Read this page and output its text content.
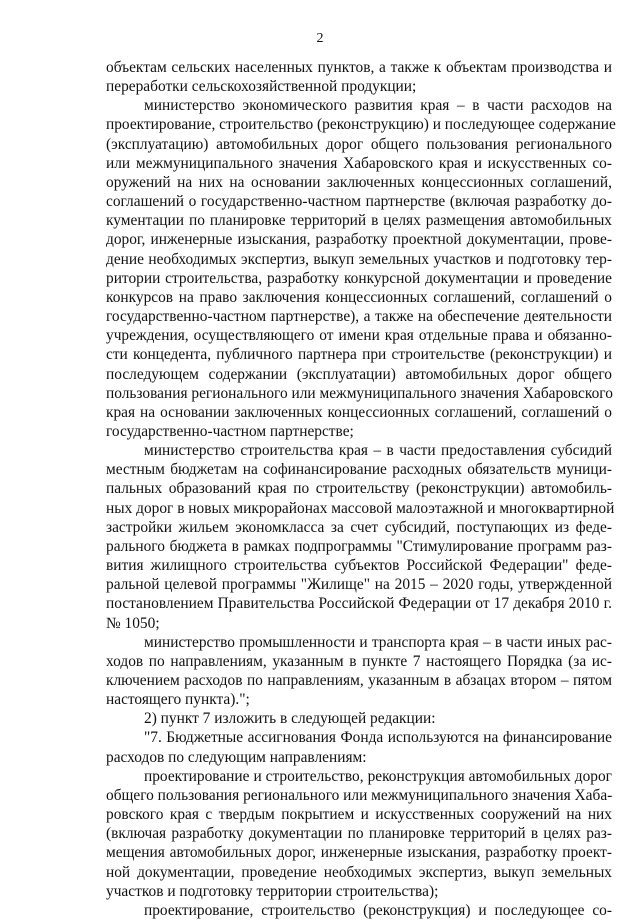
2
объектам сельских населенных пунктов, а также к объектам производства и
переработки сельскохозяйственной продукции;
министерство экономического развития края – в части расходов на
проектирование, строительство (реконструкцию) и последующее содержание
(эксплуатацию) автомобильных дорог общего пользования регионального
или межмуниципального значения Хабаровского края и искусственных со-
оружений на них на основании заключенных концессионных соглашений,
соглашений о государственно-частном партнерстве (включая разработку до-
кументации по планировке территорий в целях размещения автомобильных
дорог, инженерные изыскания, разработку проектной документации, прове-
дение необходимых экспертиз, выкуп земельных участков и подготовку тер-
ритории строительства, разработку конкурсной документации и проведение
конкурсов на право заключения концессионных соглашений, соглашений о
государственно-частном партнерстве), а также на обеспечение деятельности
учреждения, осуществляющего от имени края отдельные права и обязанно-
сти концедента, публичного партнера при строительстве (реконструкции) и
последующем содержании (эксплуатации) автомобильных дорог общего
пользования регионального или межмуниципального значения Хабаровского
края на основании заключенных концессионных соглашений, соглашений о
государственно-частном партнерстве;
министерство строительства края – в части предоставления субсидий
местным бюджетам на софинансирование расходных обязательств муници-
пальных образований края по строительству (реконструкции) автомобиль-
ных дорог в новых микрорайонах массовой малоэтажной и многоквартирной
застройки жильем экономкласса за счет субсидий, поступающих из феде-
рального бюджета в рамках подпрограммы "Стимулирование программ раз-
вития жилищного строительства субъектов Российской Федерации" феде-
ральной целевой программы "Жилище" на 2015 – 2020 годы, утвержденной
постановлением Правительства Российской Федерации от 17 декабря 2010 г.
№ 1050;
министерство промышленности и транспорта края – в части иных рас-
ходов по направлениям, указанным в пункте 7 настоящего Порядка (за ис-
ключением расходов по направлениям, указанным в абзацах втором – пятом
настоящего пункта).";
2) пункт 7 изложить в следующей редакции:
"7. Бюджетные ассигнования Фонда используются на финансирование
расходов по следующим направлениям:
проектирование и строительство, реконструкция автомобильных дорог
общего пользования регионального или межмуниципального значения Хаба-
ровского края с твердым покрытием и искусственных сооружений на них
(включая разработку документации по планировке территорий в целях раз-
мещения автомобильных дорог, инженерные изыскания, разработку проект-
ной документации, проведение необходимых экспертиз, выкуп земельных
участков и подготовку территории строительства);
проектирование, строительство (реконструкция) и последующее со-
